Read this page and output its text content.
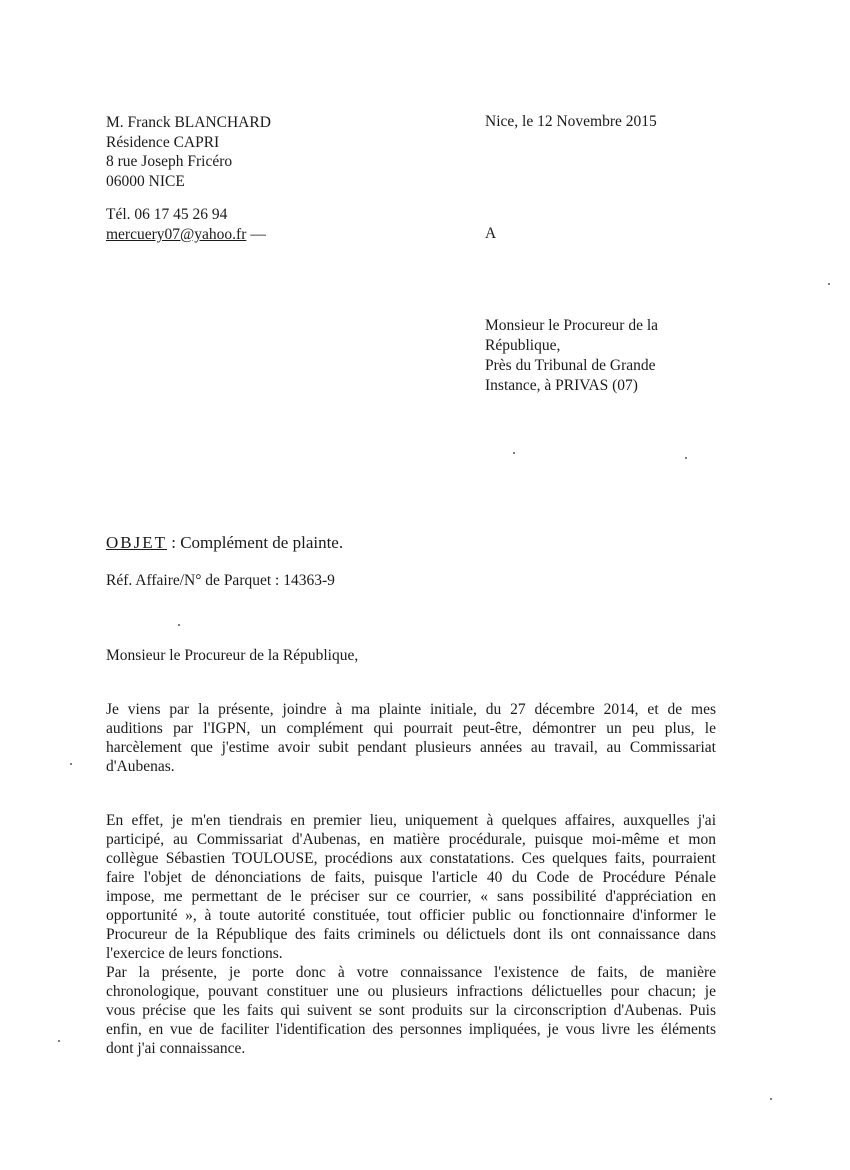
M. Franck BLANCHARD
Résidence CAPRI
8 rue Joseph Fricéro
06000 NICE
Tél. 06 17 45 26 94
mercuery07@yahoo.fr —
Nice, le 12 Novembre 2015
A
Monsieur le Procureur de la
République,
Près du Tribunal de Grande
Instance, à PRIVAS (07)
OBJET : Complément de plainte.
Réf. Affaire/N° de Parquet : 14363-9
Monsieur le Procureur de la République,
Je viens par la présente, joindre à ma plainte initiale, du 27 décembre 2014, et de mes
auditions par l'IGPN, un complément qui pourrait peut-être, démontrer un peu plus, le
harcèlement que j'estime avoir subit pendant plusieurs années au travail, au Commissariat
d'Aubenas.
En effet, je m'en tiendrais en premier lieu, uniquement à quelques affaires, auxquelles j'ai
participé, au Commissariat d'Aubenas, en matière procédurale, puisque moi-même et mon
collègue Sébastien TOULOUSE, procédions aux constatations. Ces quelques faits, pourraient
faire l'objet de dénonciations de faits, puisque l'article 40 du Code de Procédure Pénale
impose, me permettant de le préciser sur ce courrier, « sans possibilité d'appréciation en
opportunité », à toute autorité constituée, tout officier public ou fonctionnaire d'informer le
Procureur de la République des faits criminels ou délictuels dont ils ont connaissance dans
l'exercice de leurs fonctions.
Par la présente, je porte donc à votre connaissance l'existence de faits, de manière
chronologique, pouvant constituer une ou plusieurs infractions délictuelles pour chacun; je
vous précise que les faits qui suivent se sont produits sur la circonscription d'Aubenas. Puis
enfin, en vue de faciliter l'identification des personnes impliquées, je vous livre les éléments
dont j'ai connaissance.
